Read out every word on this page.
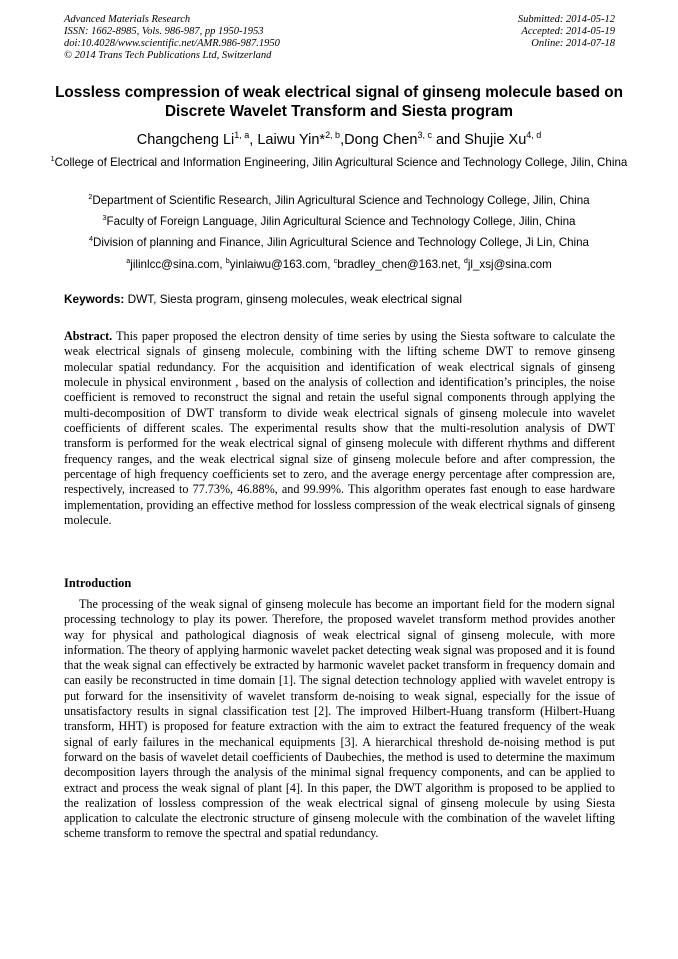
Advanced Materials Research
ISSN: 1662-8985, Vols. 986-987, pp 1950-1953
doi:10.4028/www.scientific.net/AMR.986-987.1950
© 2014 Trans Tech Publications Ltd, Switzerland
Submitted: 2014-05-12
Accepted: 2014-05-19
Online: 2014-07-18
Lossless compression of weak electrical signal of ginseng molecule based on Discrete Wavelet Transform and Siesta program
Changcheng Li$^{1, a}$, Laiwu Yin*$^{2, b}$,Dong Chen$^{3, c}$ and Shujie Xu$^{4, d}$
$^1$College of Electrical and Information Engineering, Jilin Agricultural Science and Technology College, Jilin, China
$^2$Department of Scientific Research, Jilin Agricultural Science and Technology College, Jilin, China
$^3$Faculty of Foreign Language, Jilin Agricultural Science and Technology College, Jilin, China
$^4$Division of planning and Finance, Jilin Agricultural Science and Technology College, Ji Lin, China
$^a$jilinlcc@sina.com, $^b$yinlaiwu@163.com, $^c$bradley_chen@163.net, $^d$jl_xsj@sina.com
Keywords: DWT, Siesta program, ginseng molecules, weak electrical signal

Abstract. This paper proposed the electron density of time series by using the Siesta software to calculate the weak electrical signals of ginseng molecule, combining with the lifting scheme DWT to remove ginseng molecular spatial redundancy. For the acquisition and identification of weak electrical signals of ginseng molecule in physical environment , based on the analysis of collection and identification’s principles, the noise coefficient is removed to reconstruct the signal and retain the useful signal components through applying the multi-decomposition of DWT transform to divide weak electrical signals of ginseng molecule into wavelet coefficients of different scales. The experimental results show that the multi-resolution analysis of DWT transform is performed for the weak electrical signal of ginseng molecule with different rhythms and different frequency ranges, and the weak electrical signal size of ginseng molecule before and after compression, the percentage of high frequency coefficients set to zero, and the average energy percentage after compression are, respectively, increased to 77.73%, 46.88%, and 99.99%. This algorithm operates fast enough to ease hardware implementation, providing an effective method for lossless compression of the weak electrical signals of ginseng molecule.

Introduction

The processing of the weak signal of ginseng molecule has become an important field for the modern signal processing technology to play its power. Therefore, the proposed wavelet transform method provides another way for physical and pathological diagnosis of weak electrical signal of ginseng molecule, with more information. The theory of applying harmonic wavelet packet detecting weak signal was proposed and it is found that the weak signal can effectively be extracted by harmonic wavelet packet transform in frequency domain and can easily be reconstructed in time domain [1]. The signal detection technology applied with wavelet entropy is put forward for the insensitivity of wavelet transform de-noising to weak signal, especially for the issue of unsatisfactory results in signal classification test [2]. The improved Hilbert-Huang transform (Hilbert-Huang transform, HHT) is proposed for feature extraction with the aim to extract the featured frequency of the weak signal of early failures in the mechanical equipments [3]. A hierarchical threshold de-noising method is put forward on the basis of wavelet detail coefficients of Daubechies, the method is used to determine the maximum decomposition layers through the analysis of the minimal signal frequency components, and can be applied to extract and process the weak signal of plant [4]. In this paper, the DWT algorithm is proposed to be applied to the realization of lossless compression of the weak electrical signal of ginseng molecule by using Siesta application to calculate the electronic structure of ginseng molecule with the combination of the wavelet lifting scheme transform to remove the spectral and spatial redundancy.
